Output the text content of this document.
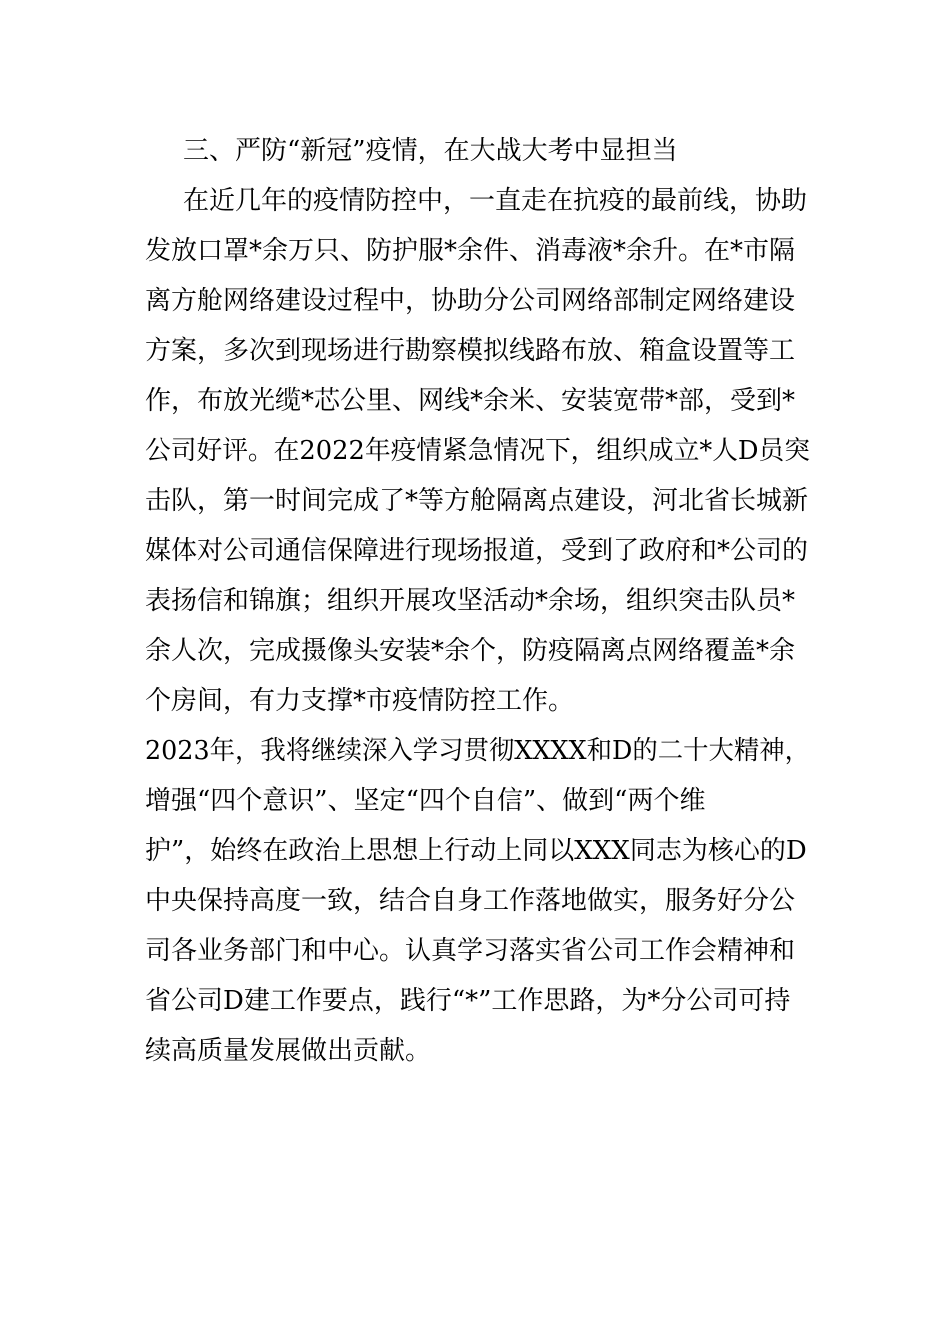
三、严防“新冠”疫情，在大战大考中显担当
在近几年的疫情防控中，一直走在抗疫的最前线，协助
发放口罩*余万只、防护服*余件、消毒液*余升。在*市隔
离方舱网络建设过程中，协助分公司网络部制定网络建设
方案，多次到现场进行勘察模拟线路布放、箱盒设置等工
作，布放光缆*芯公里、网线*余米、安装宽带*部，受到*
公司好评。在2022年疫情紧急情况下，组织成立*人D员突
击队，第一时间完成了*等方舱隔离点建设，河北省长城新
媒体对公司通信保障进行现场报道，受到了政府和*公司的
表扬信和锦旗；组织开展攻坚活动*余场，组织突击队员*
余人次，完成摄像头安装*余个，防疫隔离点网络覆盖*余
个房间，有力支撑*市疫情防控工作。
2023年，我将继续深入学习贯彻XXXX和D的二十大精神，
增强“四个意识”、坚定“四个自信”、做到“两个维
护”，始终在政治上思想上行动上同以XXX同志为核心的D
中央保持高度一致，结合自身工作落地做实，服务好分公
司各业务部门和中心。认真学习落实省公司工作会精神和
省公司D建工作要点，践行“*”工作思路，为*分公司可持
续高质量发展做出贡献。
